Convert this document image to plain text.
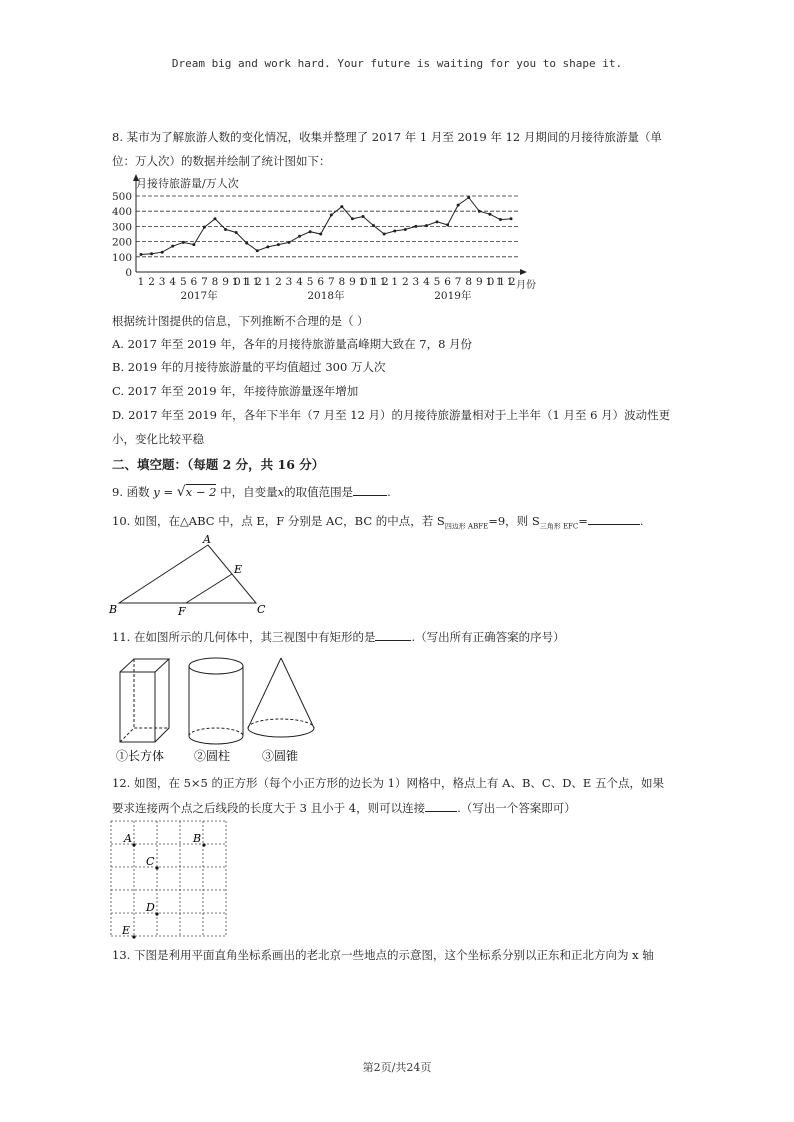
Dream big and work hard. Your future is waiting for you to shape it.
8. 某市为了解旅游人数的变化情况，收集并整理了 2017 年 1 月至 2019 年 12 月期间的月接待旅游量（单
位：万人次）的数据并绘制了统计图如下：
月接待旅游量/万人次
月份
0
100
200
300
400
500
1 2 3 4 5 6 7 8 9 10 11 12 1 2 3 4 5 6 7 8 9 10 11 12 1 2 3 4 5 6 7 8 9 10 11 12
2017年	2018年	2019年
根据统计图提供的信息，下列推断不合理的是（ ）
A. 2017 年至 2019 年，各年的月接待旅游量高峰期大致在 7，8 月份
B. 2019 年的月接待旅游量的平均值超过 300 万人次
C. 2017 年至 2019 年，年接待旅游量逐年增加
D. 2017 年至 2019 年，各年下半年（7 月至 12 月）的月接待旅游量相对于上半年（1 月至 6 月）波动性更
小，变化比较平稳
二、填空题：（每题 2 分，共 16 分）
9. 函数 y = √x − 2 中，自变量x的取值范围是	.
10. 如图，在△ABC 中，点 E，F 分别是 AC，BC 的中点，若 $S_{四边形 ABFE}=9$，则 $S_{三角形 EFC}=$	.
A
E
B	F	C
11. 在如图所示的几何体中，其三视图中有矩形的是	.（写出所有正确答案的序号）
①长方体 ②圆柱	③圆锥
12. 如图，在 5×5 的正方形（每个小正方形的边长为 1）网格中，格点上有 A、B、C、D、E 五个点，如果
要求连接两个点之后线段的长度大于 3 且小于 4，则可以连接	.（写出一个答案即可）
A	B
C
D
E
13. 下图是利用平面直角坐标系画出的老北京一些地点的示意图，这个坐标系分别以正东和正北方向为 x 轴
第2页/共24页
